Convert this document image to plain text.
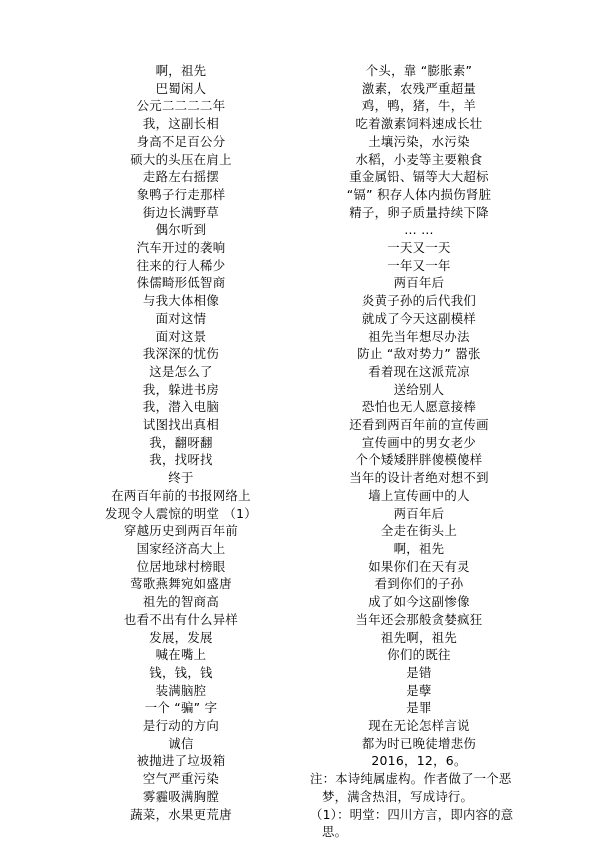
啊，祖先
巴蜀闲人
公元二二二二年
我，这副长相
身高不足百公分
硕大的头压在肩上
走路左右摇摆
象鸭子行走那样
街边长满野草
偶尔听到
汽车开过的袭响
往来的行人稀少
侏儒畸形低智商
与我大体相像
面对这情
面对这景
我深深的忧伤
这是怎么了
我，躲进书房
我，潜入电脑
试图找出真相
我，翻呀翻
我，找呀找
终于
在两百年前的书报网络上
发现令人震惊的明堂 （1）
穿越历史到两百年前
国家经济高大上
位居地球村榜眼
莺歌燕舞宛如盛唐
祖先的智商高
也看不出有什么异样
发展，发展
喊在嘴上
钱，钱，钱
装满脑腔
一个 “骗” 字
是行动的方向
诚信
被抛进了垃圾箱
空气严重污染
雾霾吸满胸膛
蔬菜，水果更荒唐
个头，靠 “膨胀素”
激素，农残严重超量
鸡，鸭，猪，牛，羊
吃着激素饲料速成长壮
土壤污染，水污染
水稻，小麦等主要粮食
重金属铅、镉等大大超标
“镉” 积存人体内损伤肾脏
精子，卵子质量持续下降
… …
一天又一天
一年又一年
两百年后
炎黄子孙的后代我们
就成了今天这副模样
祖先当年想尽办法
防止 “敌对势力” 嚣张
看着现在这派荒凉
送给别人
恐怕也无人愿意接棒
还看到两百年前的宣传画
宣传画中的男女老少
个个矮矮胖胖傻模傻样
当年的设计者绝对想不到
墙上宣传画中的人
两百年后
全走在街头上
啊，祖先
如果你们在天有灵
看到你们的子孙
成了如今这副惨像
当年还会那般贪婪疯狂
祖先啊，祖先
你们的既往
是错
是孽
是罪
现在无论怎样言说
都为时已晚徒增悲伤
2016，12，6。
注：本诗纯属虚构。作者做了一个恶
梦，满含热泪，写成诗行。
（1）：明堂：四川方言，即内容的意
思。
